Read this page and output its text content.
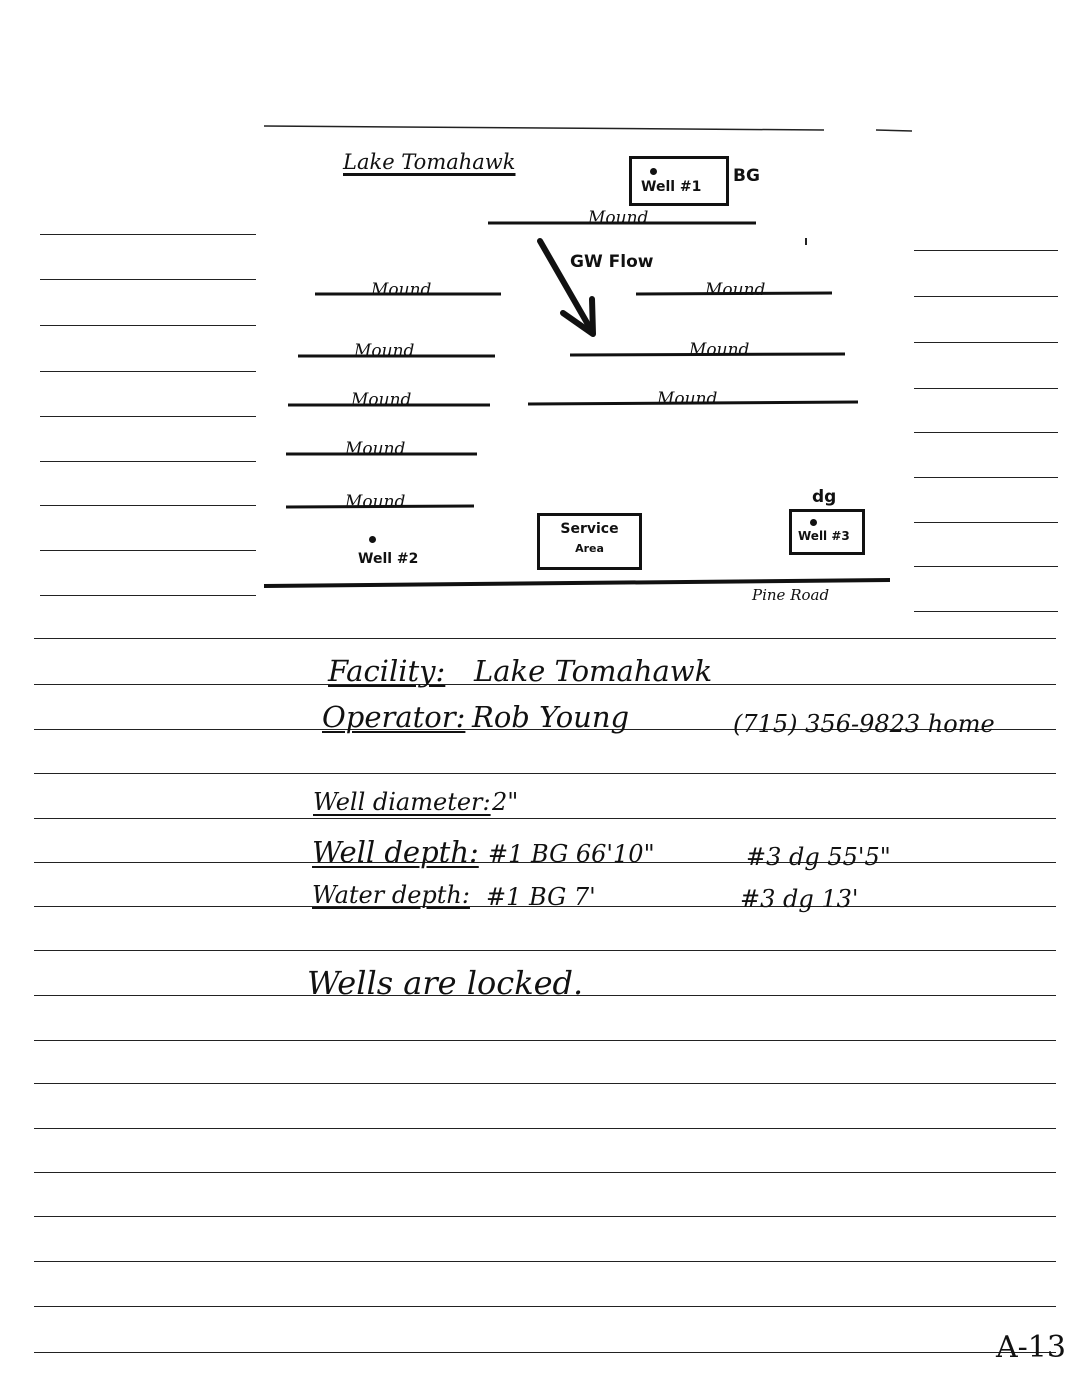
Lake Tomahawk
Well #1
BG
Mound
Mound	Mound
Mound	Mound
Mound	Mound
Mound
Mound
GW Flow
Well #2
Service
Area
dg
Well #3
Pine Road
Facility: Lake Tomahawk
Operator: Rob Young	(715) 356-9823 home
Well diameter: 2"
Well depth: #1 BG 66'10"	#3 dg 55'5"
Water depth: #1 BG 7'	#3 dg 13'
Wells are locked.
A-13
